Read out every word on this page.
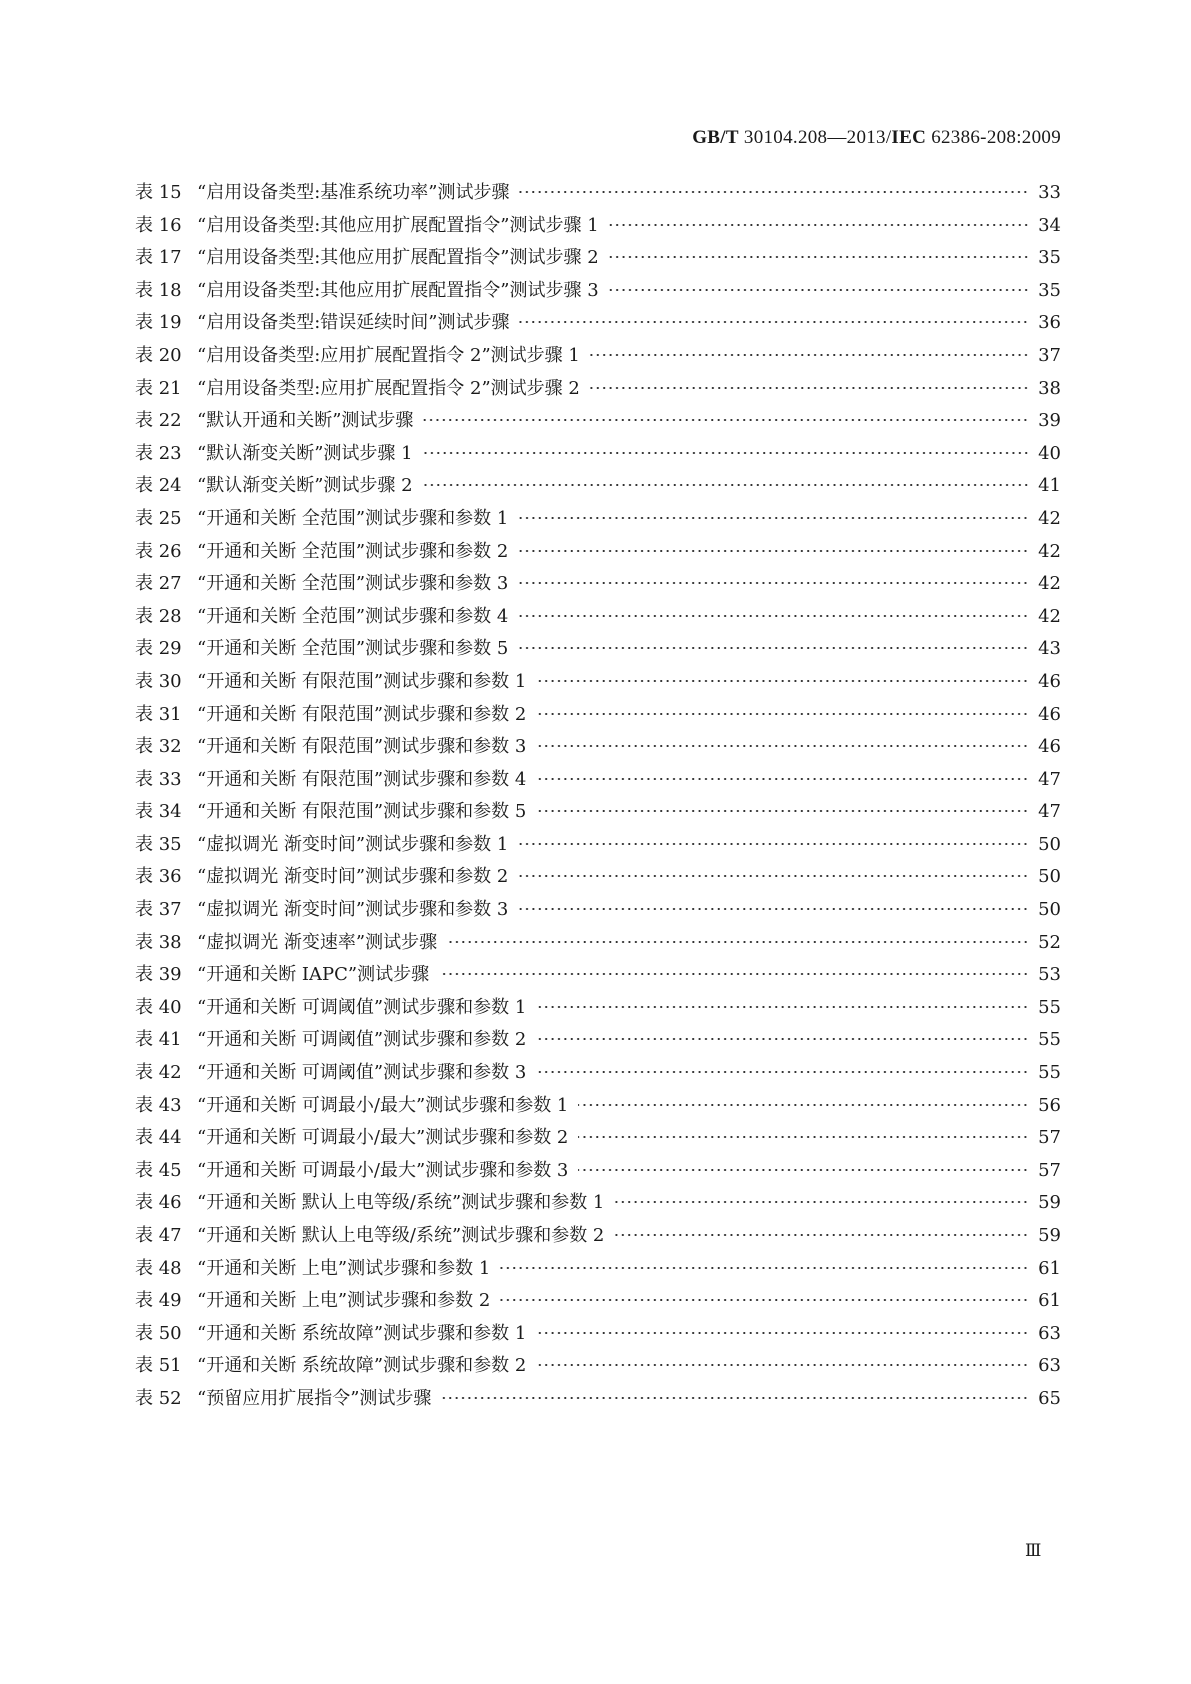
GB/T 30104.208—2013/IEC 62386-208:2009
表 15 “启用设备类型:基准系统功率”测试步骤	33
表 16 “启用设备类型:其他应用扩展配置指令”测试步骤 1	34
表 17 “启用设备类型:其他应用扩展配置指令”测试步骤 2	35
表 18 “启用设备类型:其他应用扩展配置指令”测试步骤 3	35
表 19 “启用设备类型:错误延续时间”测试步骤	36
表 20 “启用设备类型:应用扩展配置指令 2”测试步骤 1	37
表 21 “启用设备类型:应用扩展配置指令 2”测试步骤 2	38
表 22 “默认开通和关断”测试步骤	39
表 23 “默认渐变关断”测试步骤 1	40
表 24 “默认渐变关断”测试步骤 2	41
表 25 “开通和关断 全范围”测试步骤和参数 1	42
表 26 “开通和关断 全范围”测试步骤和参数 2	42
表 27 “开通和关断 全范围”测试步骤和参数 3	42
表 28 “开通和关断 全范围”测试步骤和参数 4	42
表 29 “开通和关断 全范围”测试步骤和参数 5	43
表 30 “开通和关断 有限范围”测试步骤和参数 1	46
表 31 “开通和关断 有限范围”测试步骤和参数 2	46
表 32 “开通和关断 有限范围”测试步骤和参数 3	46
表 33 “开通和关断 有限范围”测试步骤和参数 4	47
表 34 “开通和关断 有限范围”测试步骤和参数 5	47
表 35 “虚拟调光 渐变时间”测试步骤和参数 1	50
表 36 “虚拟调光 渐变时间”测试步骤和参数 2	50
表 37 “虚拟调光 渐变时间”测试步骤和参数 3	50
表 38 “虚拟调光 渐变速率”测试步骤	52
表 39 “开通和关断 IAPC”测试步骤	53
表 40 “开通和关断 可调阈值”测试步骤和参数 1	55
表 41 “开通和关断 可调阈值”测试步骤和参数 2	55
表 42 “开通和关断 可调阈值”测试步骤和参数 3	55
表 43 “开通和关断 可调最小/最大”测试步骤和参数 1	56
表 44 “开通和关断 可调最小/最大”测试步骤和参数 2	57
表 45 “开通和关断 可调最小/最大”测试步骤和参数 3	57
表 46 “开通和关断 默认上电等级/系统”测试步骤和参数 1	59
表 47 “开通和关断 默认上电等级/系统”测试步骤和参数 2	59
表 48 “开通和关断 上电”测试步骤和参数 1	61
表 49 “开通和关断 上电”测试步骤和参数 2	61
表 50 “开通和关断 系统故障”测试步骤和参数 1	63
表 51 “开通和关断 系统故障”测试步骤和参数 2	63
表 52 “预留应用扩展指令”测试步骤	65
Ⅲ
